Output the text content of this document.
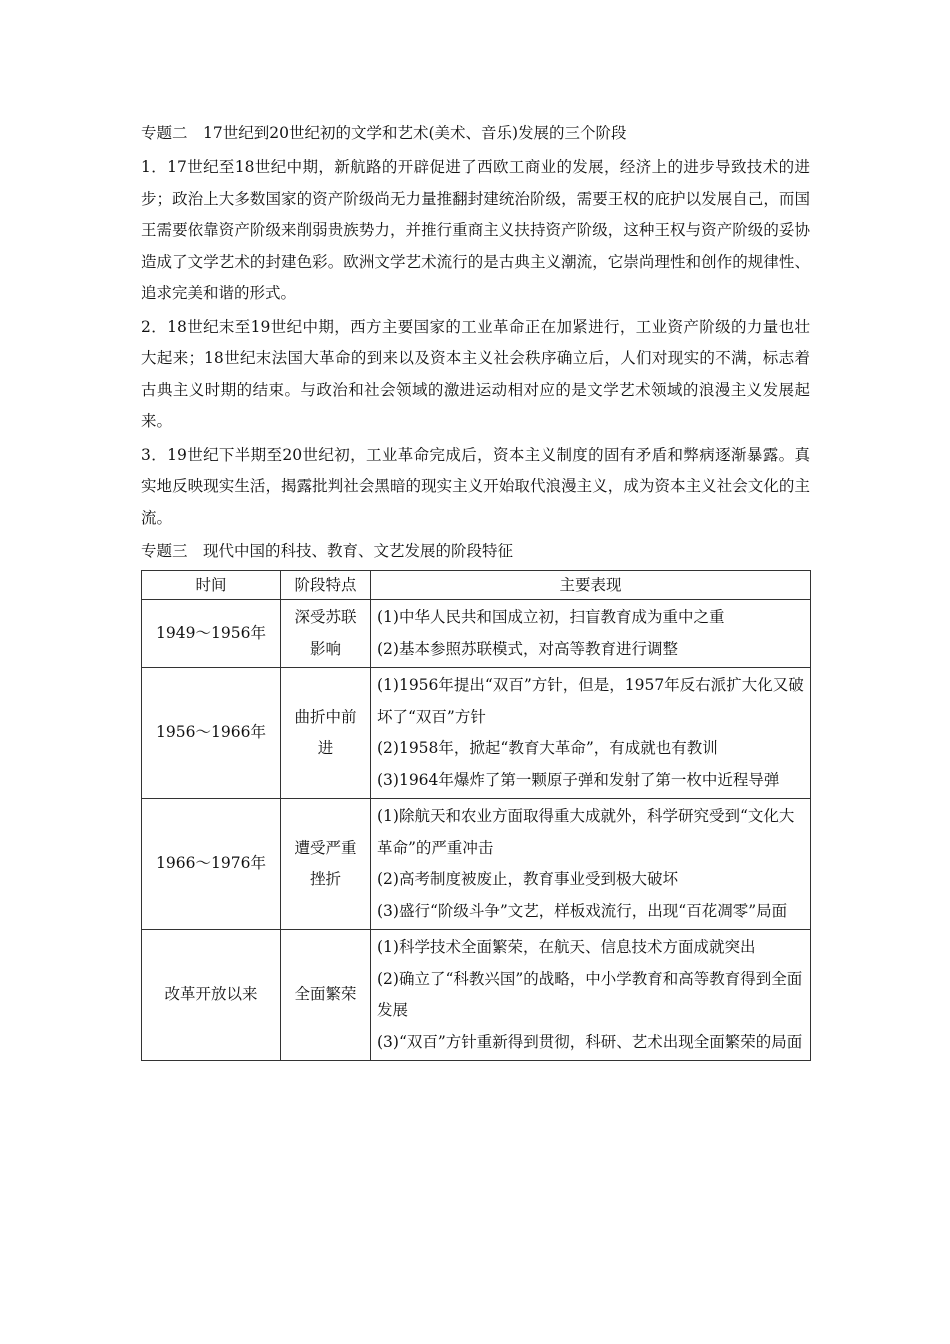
专题二　17世纪到20世纪初的文学和艺术(美术、音乐)发展的三个阶段

1．17世纪至18世纪中期，新航路的开辟促进了西欧工商业的发展，经济上的进步导致技术的进步；政治上大多数国家的资产阶级尚无力量推翻封建统治阶级，需要王权的庇护以发展自己，而国王需要依靠资产阶级来削弱贵族势力，并推行重商主义扶持资产阶级，这种王权与资产阶级的妥协造成了文学艺术的封建色彩。欧洲文学艺术流行的是古典主义潮流，它崇尚理性和创作的规律性、追求完美和谐的形式。

2．18世纪末至19世纪中期，西方主要国家的工业革命正在加紧进行，工业资产阶级的力量也壮大起来；18世纪末法国大革命的到来以及资本主义社会秩序确立后，人们对现实的不满，标志着古典主义时期的结束。与政治和社会领域的激进运动相对应的是文学艺术领域的浪漫主义发展起来。

3．19世纪下半期至20世纪初，工业革命完成后，资本主义制度的固有矛盾和弊病逐渐暴露。真实地反映现实生活，揭露批判社会黑暗的现实主义开始取代浪漫主义，成为资本主义社会文化的主流。

专题三　现代中国的科技、教育、文艺发展的阶段特征
时间	阶段特点	主要表现
1949～1956年	深受苏联影响	(1)中华人民共和国成立初，扫盲教育成为重中之重
(2)基本参照苏联模式，对高等教育进行调整

1956～1966年	曲折中前进	(1)1956年提出“双百”方针，但是，1957年反右派扩大化又破坏了“双百”方针
(2)1958年，掀起“教育大革命”，有成就也有教训
(3)1964年爆炸了第一颗原子弹和发射了第一枚中近程导弹

1966～1976年	遭受严重挫折	(1)除航天和农业方面取得重大成就外，科学研究受到“文化大革命”的严重冲击
(2)高考制度被废止，教育事业受到极大破坏
(3)盛行“阶级斗争”文艺，样板戏流行，出现“百花凋零”局面

改革开放以来	全面繁荣	(1)科学技术全面繁荣，在航天、信息技术方面成就突出
(2)确立了“科教兴国”的战略，中小学教育和高等教育得到全面发展
(3)“双百”方针重新得到贯彻，科研、艺术出现全面繁荣的局面
